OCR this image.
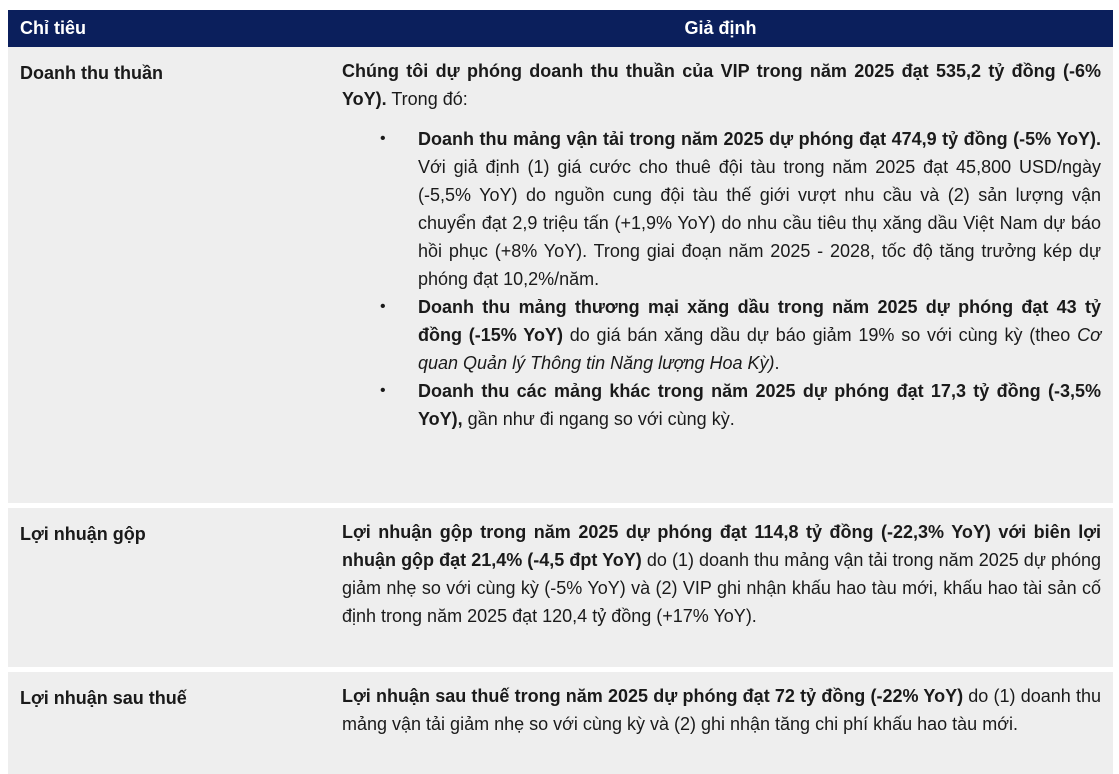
Chỉ tiêu	Giả định
Doanh thu thuần	Chúng tôi dự phóng doanh thu thuần của VIP trong năm 2025 đạt 535,2 tỷ đồng (-6% YoY). Trong đó:

• Doanh thu mảng vận tải trong năm 2025 dự phóng đạt 474,9 tỷ đồng (-5% YoY). Với giả định (1) giá cước cho thuê đội tàu trong năm 2025 đạt 45,800 USD/ngày (-5,5% YoY) do nguồn cung đội tàu thế giới vượt nhu cầu và (2) sản lượng vận chuyển đạt 2,9 triệu tấn (+1,9% YoY) do nhu cầu tiêu thụ xăng dầu Việt Nam dự báo hồi phục (+8% YoY). Trong giai đoạn năm 2025 - 2028, tốc độ tăng trưởng kép dự phóng đạt 10,2%/năm.
• Doanh thu mảng thương mại xăng dầu trong năm 2025 dự phóng đạt 43 tỷ đồng (-15% YoY) do giá bán xăng dầu dự báo giảm 19% so với cùng kỳ (theo Cơ quan Quản lý Thông tin Năng lượng Hoa Kỳ).
• Doanh thu các mảng khác trong năm 2025 dự phóng đạt 17,3 tỷ đồng (-3,5% YoY), gần như đi ngang so với cùng kỳ.
Lợi nhuận gộp	Lợi nhuận gộp trong năm 2025 dự phóng đạt 114,8 tỷ đồng (-22,3% YoY) với biên lợi nhuận gộp đạt 21,4% (-4,5 đpt YoY) do (1) doanh thu mảng vận tải trong năm 2025 dự phóng giảm nhẹ so với cùng kỳ (-5% YoY) và (2) VIP ghi nhận khấu hao tàu mới, khấu hao tài sản cố định trong năm 2025 đạt 120,4 tỷ đồng (+17% YoY).

Lợi nhuận sau thuế	Lợi nhuận sau thuế trong năm 2025 dự phóng đạt 72 tỷ đồng (-22% YoY) do (1) doanh thu mảng vận tải giảm nhẹ so với cùng kỳ và (2) ghi nhận tăng chi phí khấu hao tàu mới.
